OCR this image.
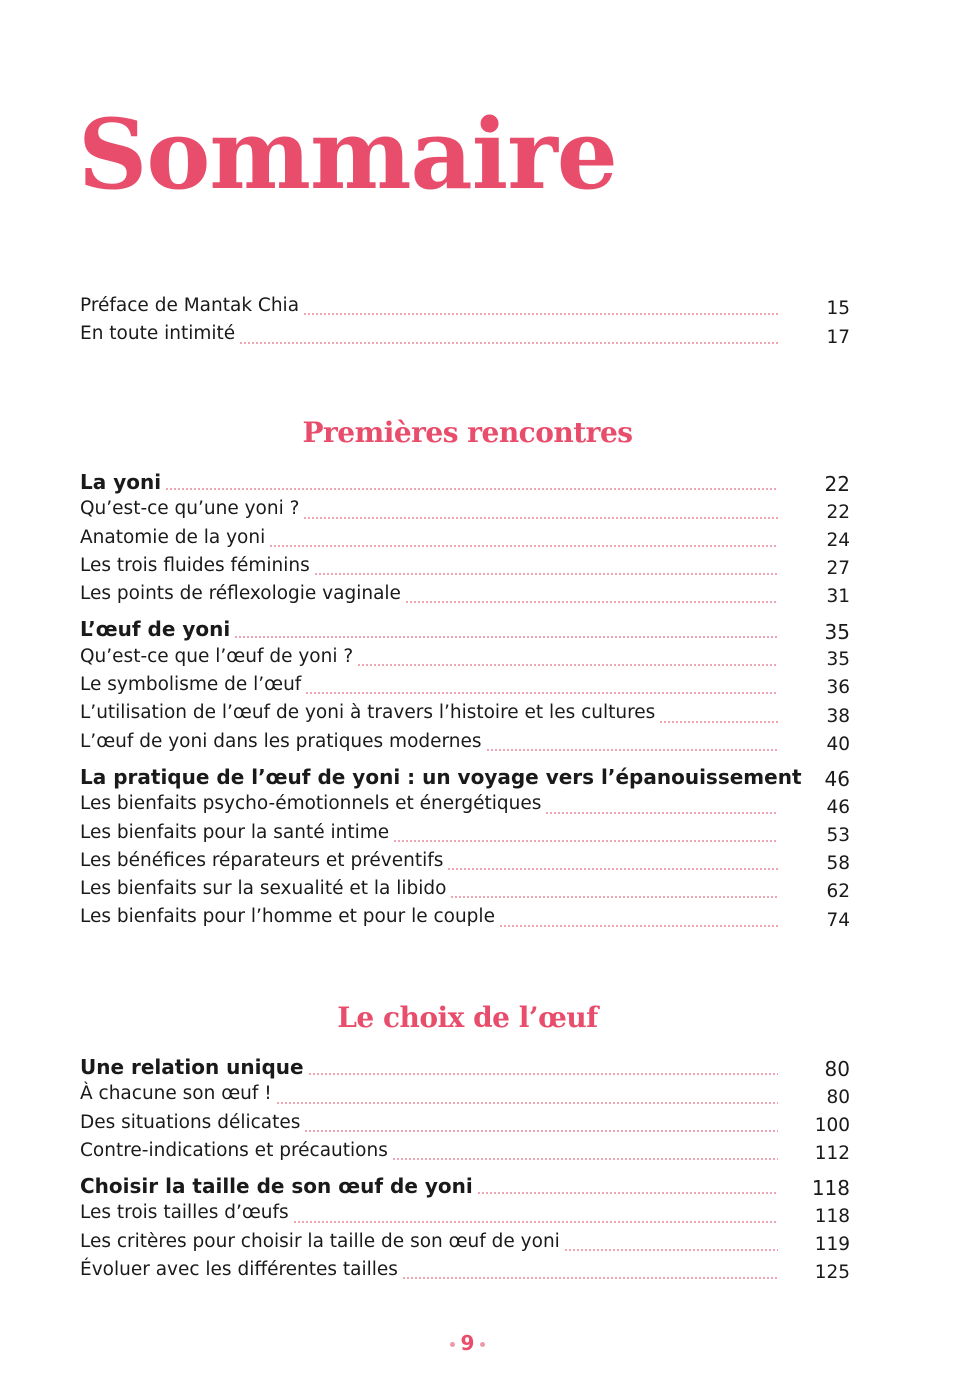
Sommaire
Préface de Mantak Chia	15
En toute intimité	17
Premières rencontres
La yoni	22
Qu’est-ce qu’une yoni ?	22
Anatomie de la yoni	24
Les trois fluides féminins	27
Les points de réflexologie vaginale	31
L’œuf de yoni	35
Qu’est-ce que l’œuf de yoni ?	35
Le symbolisme de l’œuf	36
L’utilisation de l’œuf de yoni à travers l’histoire et les cultures	38
L’œuf de yoni dans les pratiques modernes	40
La pratique de l’œuf de yoni : un voyage vers l’épanouissement 46
Les bienfaits psycho-émotionnels et énergétiques	46
Les bienfaits pour la santé intime	53
Les bénéfices réparateurs et préventifs	58
Les bienfaits sur la sexualité et la libido	62
Les bienfaits pour l’homme et pour le couple	74
Le choix de l’œuf
Une relation unique	80
À chacune son œuf !	80
Des situations délicates	100
Contre-indications et précautions	112
Choisir la taille de son œuf de yoni	118
Les trois tailles d’œufs	118
Les critères pour choisir la taille de son œuf de yoni	119
Évoluer avec les différentes tailles	125
9
